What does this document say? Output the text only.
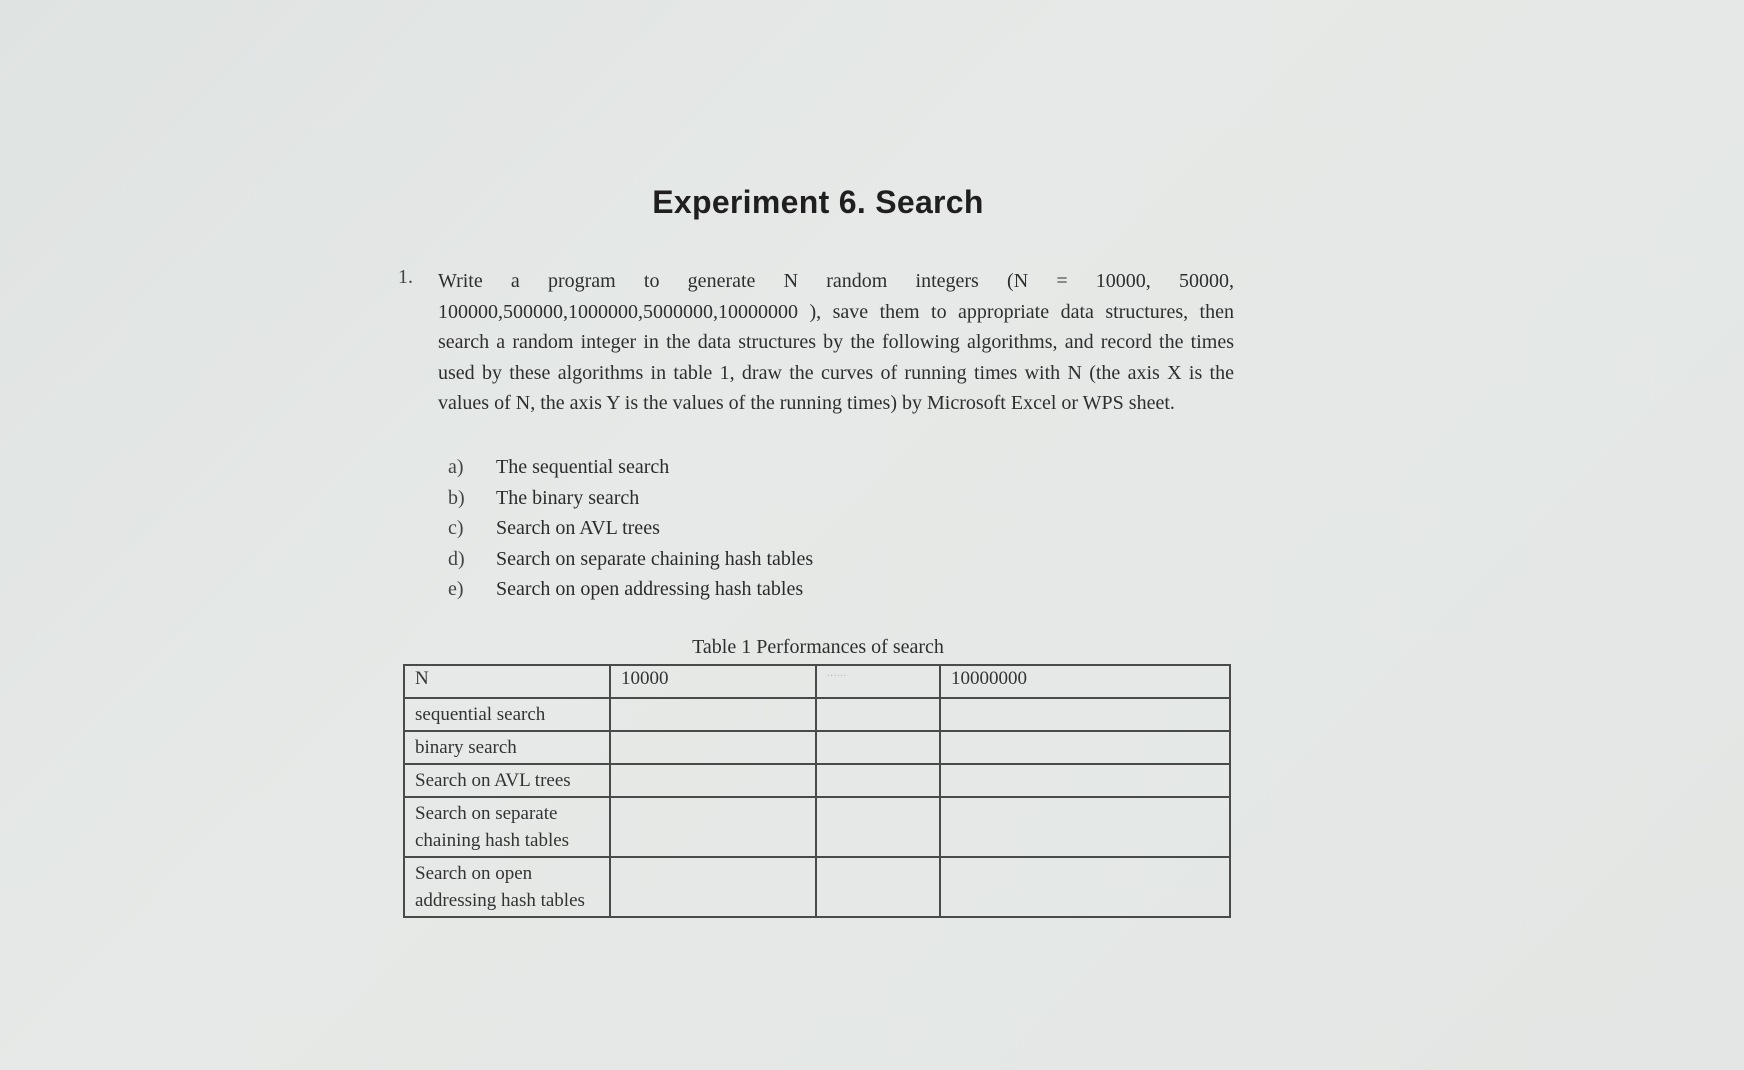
Experiment 6. Search
1. Write a program to generate N random integers (N = 10000, 50000, 100000,500000,1000000,5000000,10000000 ), save them to appropriate data structures, then search a random integer in the data structures by the following algorithms, and record the times used by these algorithms in table 1, draw the curves of running times with N (the axis X is the values of N, the axis Y is the values of the running times) by Microsoft Excel or WPS sheet.
a) The sequential search
b) The binary search
c) Search on AVL trees
d) Search on separate chaining hash tables
e) Search on open addressing hash tables
Table 1 Performances of search
N	10000	……	10000000
sequential search			
binary search			
Search on AVL trees			
Search on separate chaining hash tables			
Search on open addressing hash tables			
